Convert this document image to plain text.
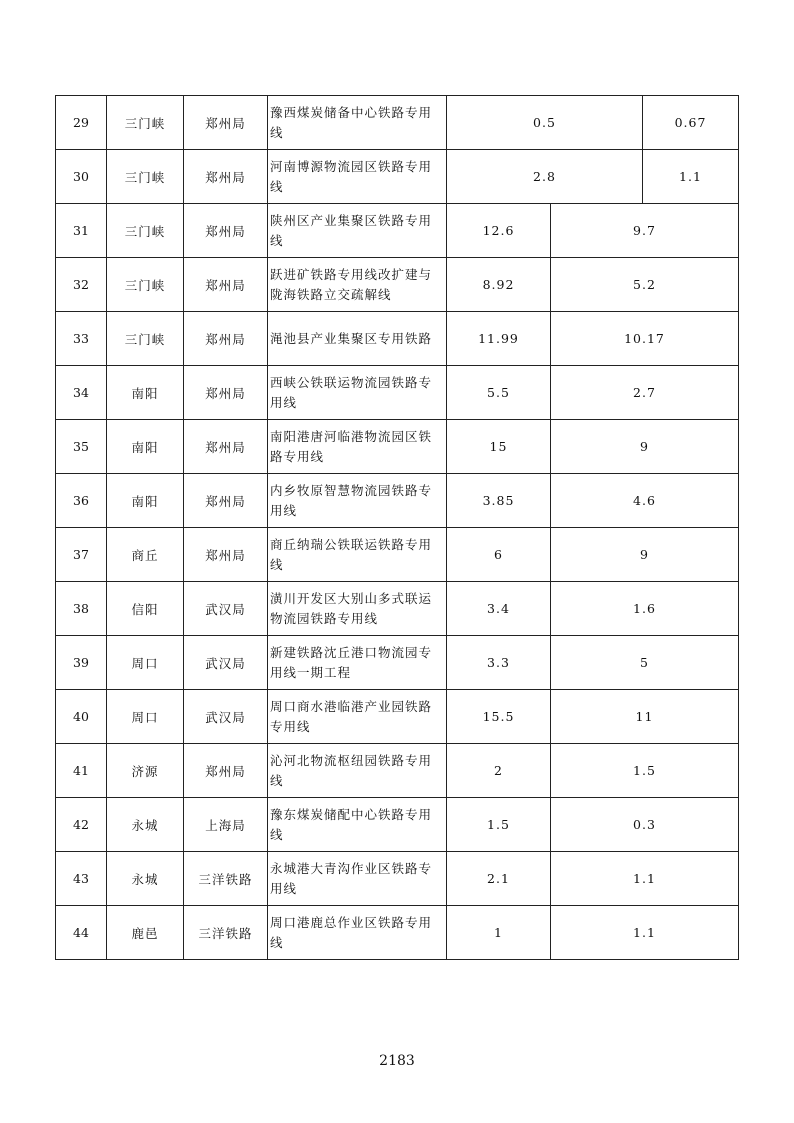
29	三门峡	郑州局	豫西煤炭储备中心铁路专用线	0.5 0.67	

30	三门峡	郑州局	河南博源物流园区铁路专用线	2.8 1.1	

31	三门峡	郑州局	陕州区产业集聚区铁路专用线	12.6	9.7
32	三门峡	郑州局	跃进矿铁路专用线改扩建与陇海铁路立交疏解线	8.92	5.2
33	三门峡	郑州局	渑池县产业集聚区专用铁路	11.99	10.17
34	南阳	郑州局	西峡公铁联运物流园铁路专用线	5.5	2.7
35	南阳	郑州局	南阳港唐河临港物流园区铁路专用线	15	9
36	南阳	郑州局	内乡牧原智慧物流园铁路专用线	3.85	4.6
37	商丘	郑州局	商丘纳瑞公铁联运铁路专用线	6	9
38	信阳	武汉局	潢川开发区大别山多式联运物流园铁路专用线	3.4	1.6
39	周口	武汉局	新建铁路沈丘港口物流园专用线一期工程	3.3	5
40	周口	武汉局	周口商水港临港产业园铁路专用线	15.5	11
41	济源	郑州局	沁河北物流枢纽园铁路专用线	2	1.5
42	永城	上海局	豫东煤炭储配中心铁路专用线	1.5	0.3
43	永城	三洋铁路	永城港大青沟作业区铁路专用线	2.1	1.1
44	鹿邑	三洋铁路	周口港鹿总作业区铁路专用线	1	1.1
2183
